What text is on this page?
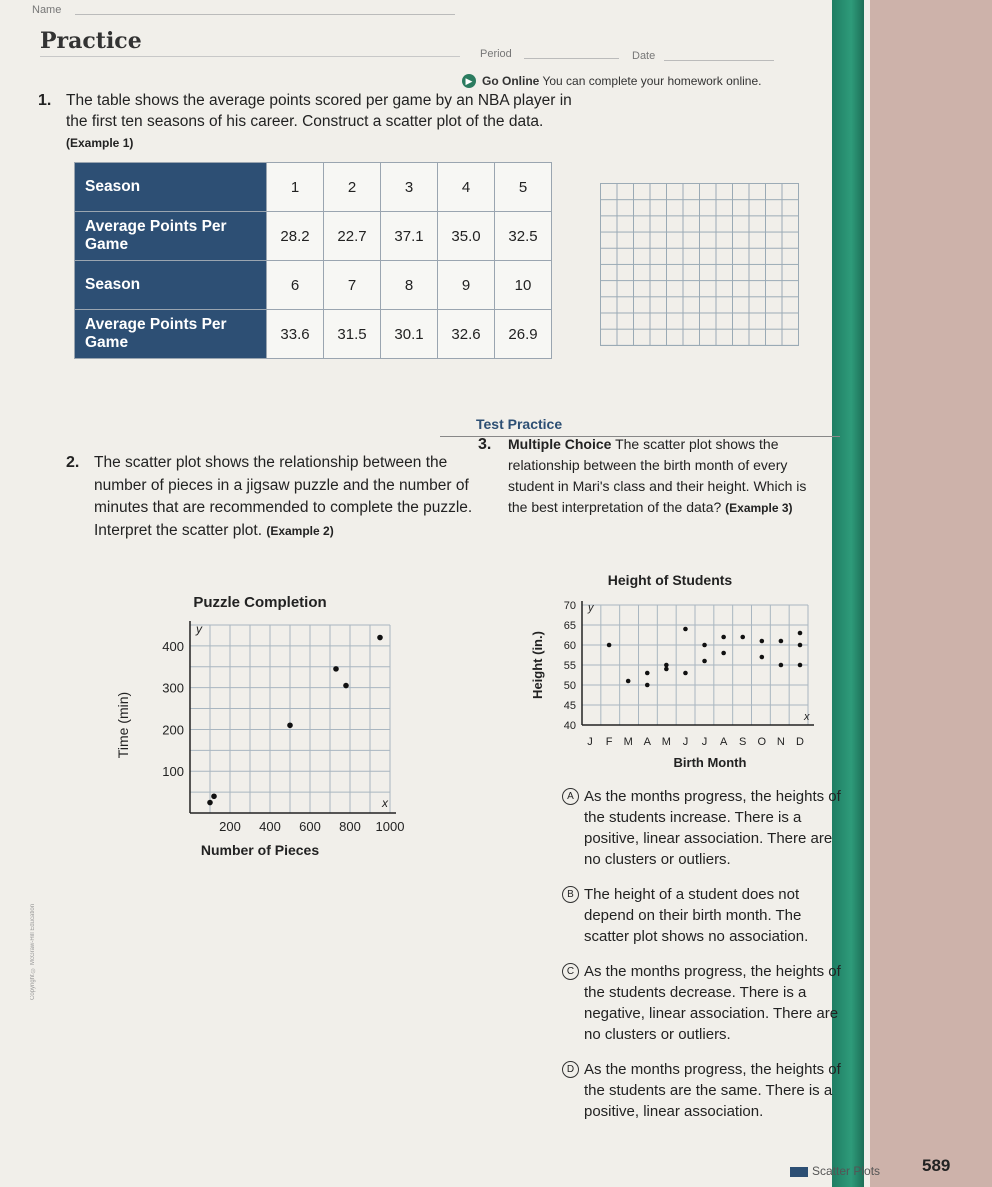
Name
Practice	Period	Date
▶ Go Online You can complete your homework online.
1. The table shows the average points scored per game by an NBA player in the first ten seasons of his career. Construct a scatter plot of the data. (Example 1)
Season	1	2	3	4	5
Average Points Per Game	28.2	22.7	37.1	35.0	32.5
Season	6	7	8	9	10
Average Points Per Game	33.6	31.5	30.1	32.6	26.9
Test Practice
2. The scatter plot shows the relationship between the number of pieces in a jigsaw puzzle and the number of minutes that are recommended to complete the puzzle. Interpret the scatter plot. (Example 2)
3. Multiple Choice The scatter plot shows the relationship between the birth month of every student in Mari's class and their height. Which is the best interpretation of the data? (Example 3)
Puzzle Completion
200 400 600 800 1000
100
200
300
400
Number of Pieces
Time (min)
x
y
Height of Students
J F M A M J J A S O N D
40
45
50
55
60
65
70
Birth Month
Height (in.)
x
y
A As the months progress, the heights of the students increase. There is a positive, linear association. There are no clusters or outliers.
B The height of a student does not depend on their birth month. The scatter plot shows no association.
C As the months progress, the heights of the students decrease. There is a negative, linear association. There are no clusters or outliers.
D As the months progress, the heights of the students are the same. There is a positive, linear association.
Copyright © McGraw-Hill Education
Scatter Plots 589
